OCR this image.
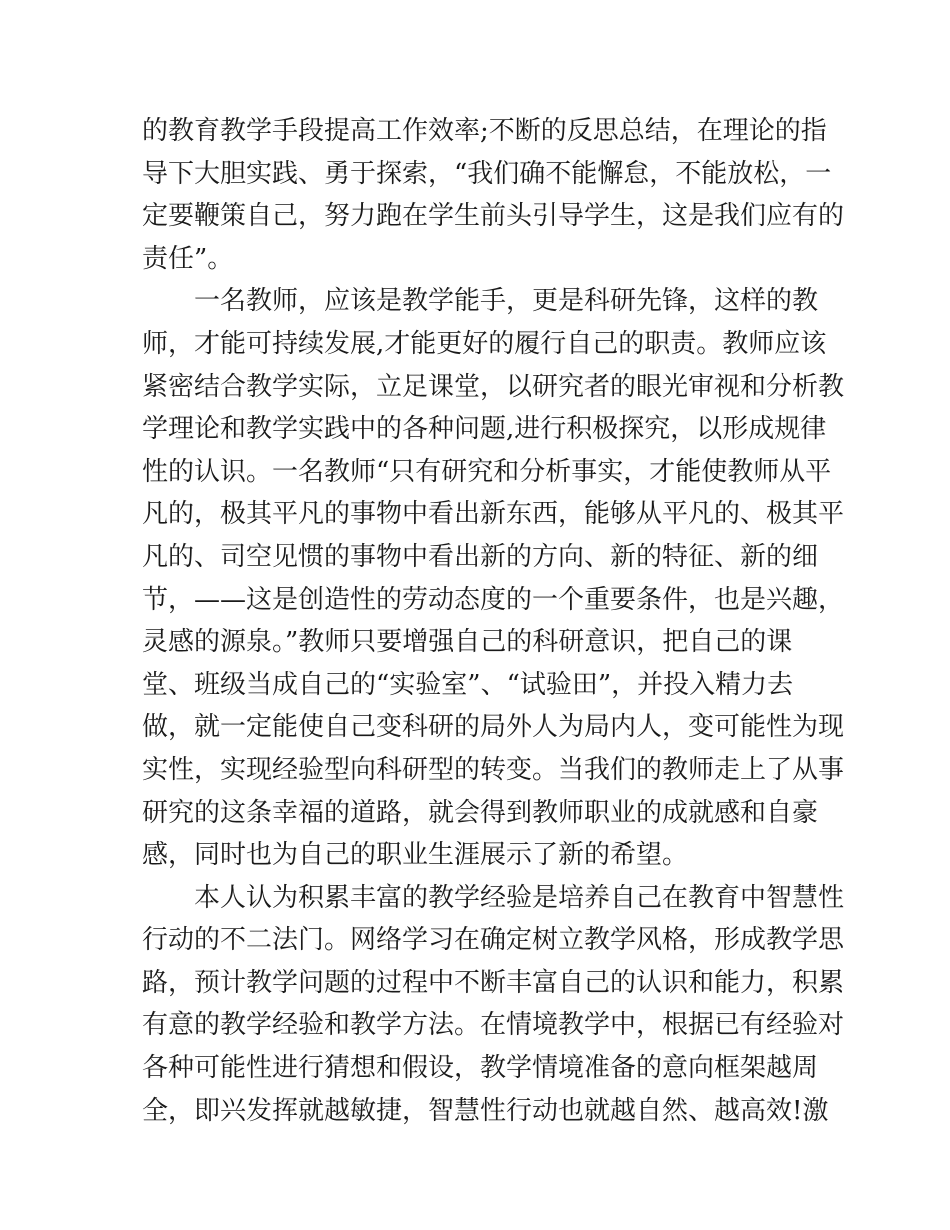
的教育教学手段提高工作效率;不断的反思总结，在理论的指
导下大胆实践、勇于探索，“我们确不能懈怠，不能放松，一
定要鞭策自己，努力跑在学生前头引导学生，这是我们应有的
责任”。
一名教师，应该是教学能手，更是科研先锋，这样的教
师，才能可持续发展,才能更好的履行自己的职责。教师应该
紧密结合教学实际，立足课堂，以研究者的眼光审视和分析教
学理论和教学实践中的各种问题,进行积极探究，以形成规律
性的认识。一名教师“只有研究和分析事实，才能使教师从平
凡的，极其平凡的事物中看出新东西，能够从平凡的、极其平
凡的、司空见惯的事物中看出新的方向、新的特征、新的细
节，——这是创造性的劳动态度的一个重要条件，也是兴趣，
灵感的源泉。”教师只要增强自己的科研意识，把自己的课
堂、班级当成自己的“实验室”、“试验田”，并投入精力去
做，就一定能使自己变科研的局外人为局内人，变可能性为现
实性，实现经验型向科研型的转变。当我们的教师走上了从事
研究的这条幸福的道路，就会得到教师职业的成就感和自豪
感，同时也为自己的职业生涯展示了新的希望。
本人认为积累丰富的教学经验是培养自己在教育中智慧性
行动的不二法门。网络学习在确定树立教学风格，形成教学思
路，预计教学问题的过程中不断丰富自己的认识和能力，积累
有意的教学经验和教学方法。在情境教学中，根据已有经验对
各种可能性进行猜想和假设，教学情境准备的意向框架越周
全，即兴发挥就越敏捷，智慧性行动也就越自然、越高效!激
